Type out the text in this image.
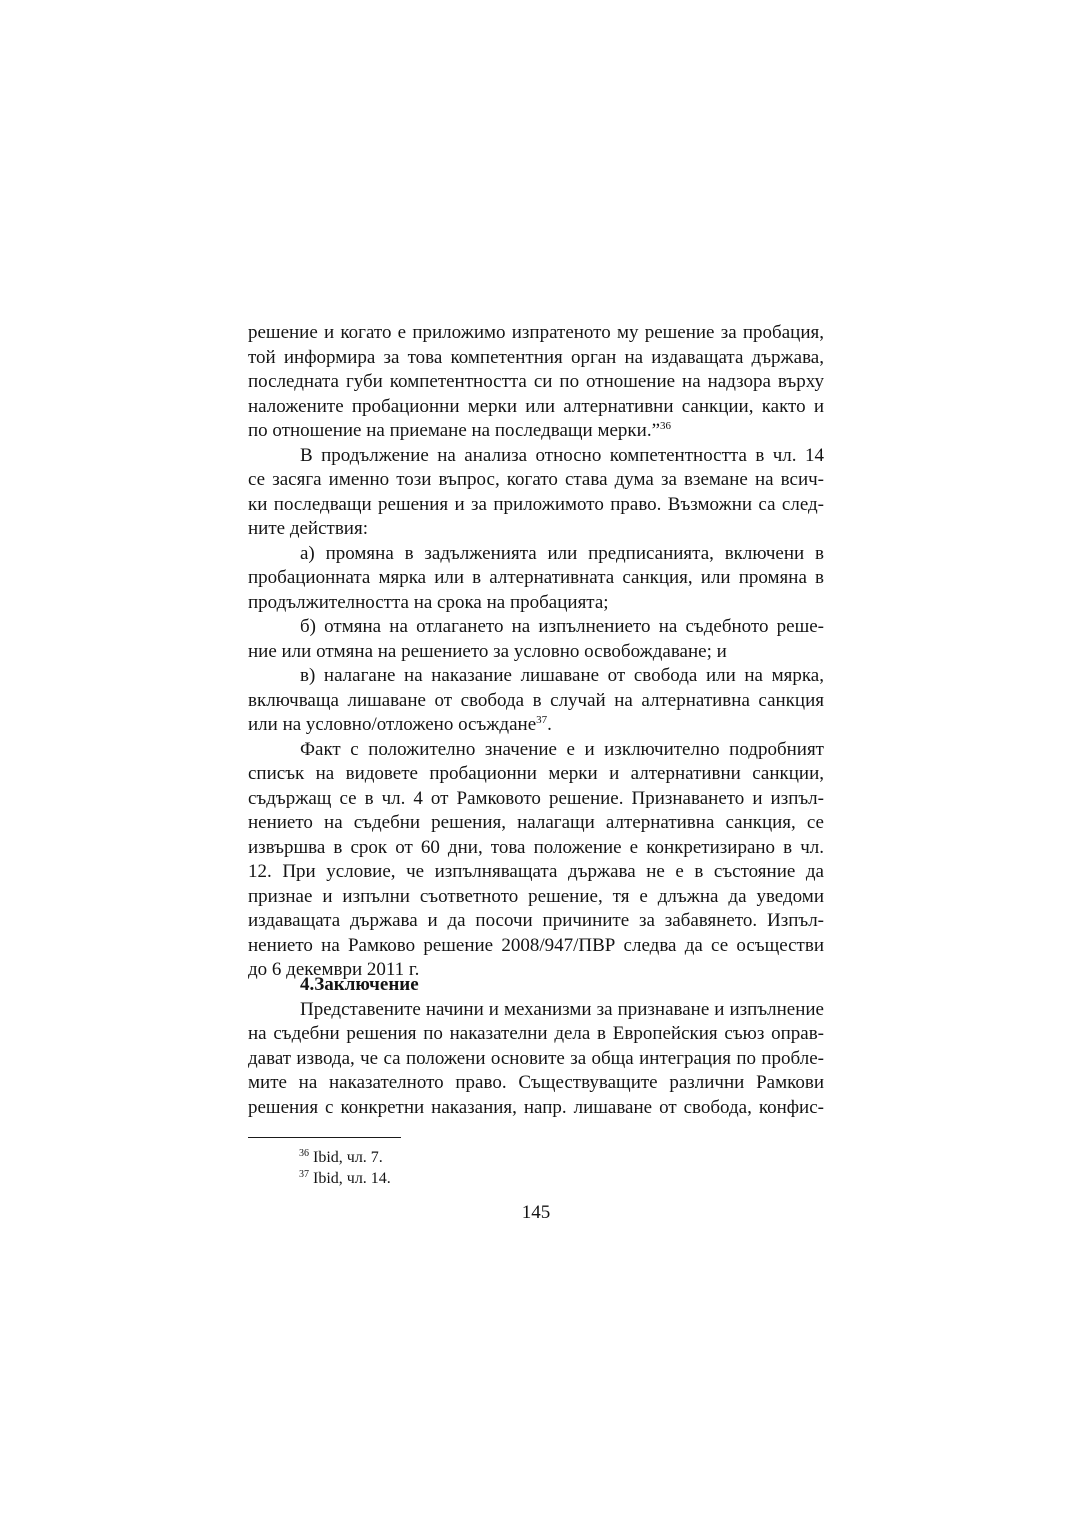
решение и когато е приложимо изпратеното му решение за пробация,
той информира за това компетентния орган на издаващата държава,
последната губи компетентността си по отношение на надзора върху
наложените пробационни мерки или алтернативни санкции, както и
по отношение на приемане на последващи мерки.”$^{36}$
В продължение на анализа относно компетентността в чл. 14
се засяга именно този въпрос, когато става дума за вземане на всич-
ки последващи решения и за приложимото право. Възможни са след-
ните действия:
а) промяна в задълженията или предписанията, включени в
пробационната мярка или в алтернативната санкция, или промяна в
продължителността на срока на пробацията;
б) отмяна на отлагането на изпълнението на съдебното реше-
ние или отмяна на решението за условно освобождаване; и
в) налагане на наказание лишаване от свобода или на мярка,
включваща лишаване от свобода в случай на алтернативна санкция
или на условно/отложено осъждане$^{37}$.
Факт с положително значение е и изключително подробният
списък на видовете пробационни мерки и алтернативни санкции,
съдържащ се в чл. 4 от Рамковото решение. Признаването и изпъл-
нението на съдебни решения, налагащи алтернативна санкция, се
извършва в срок от 60 дни, това положение е конкретизирано в чл.
12. При условие, че изпълняващата държава не е в състояние да
признае и изпълни съответното решение, тя е длъжна да уведоми
издаващата държава и да посочи причините за забавянето. Изпъл-
нението на Рамково решение 2008/947/ПВР следва да се осъществи
до 6 декември 2011 г.
4.Заключение
Представените начини и механизми за признаване и изпълнение
на съдебни решения по наказателни дела в Европейския съюз оправ-
дават извода, че са положени основите за обща интеграция по пробле-
мите на наказателното право. Съществуващите различни Рамкови
решения с конкретни наказания, напр. лишаване от свобода, конфис-
$^{36}$ Ibid, чл. 7.
$^{37}$ Ibid, чл. 14.
145
